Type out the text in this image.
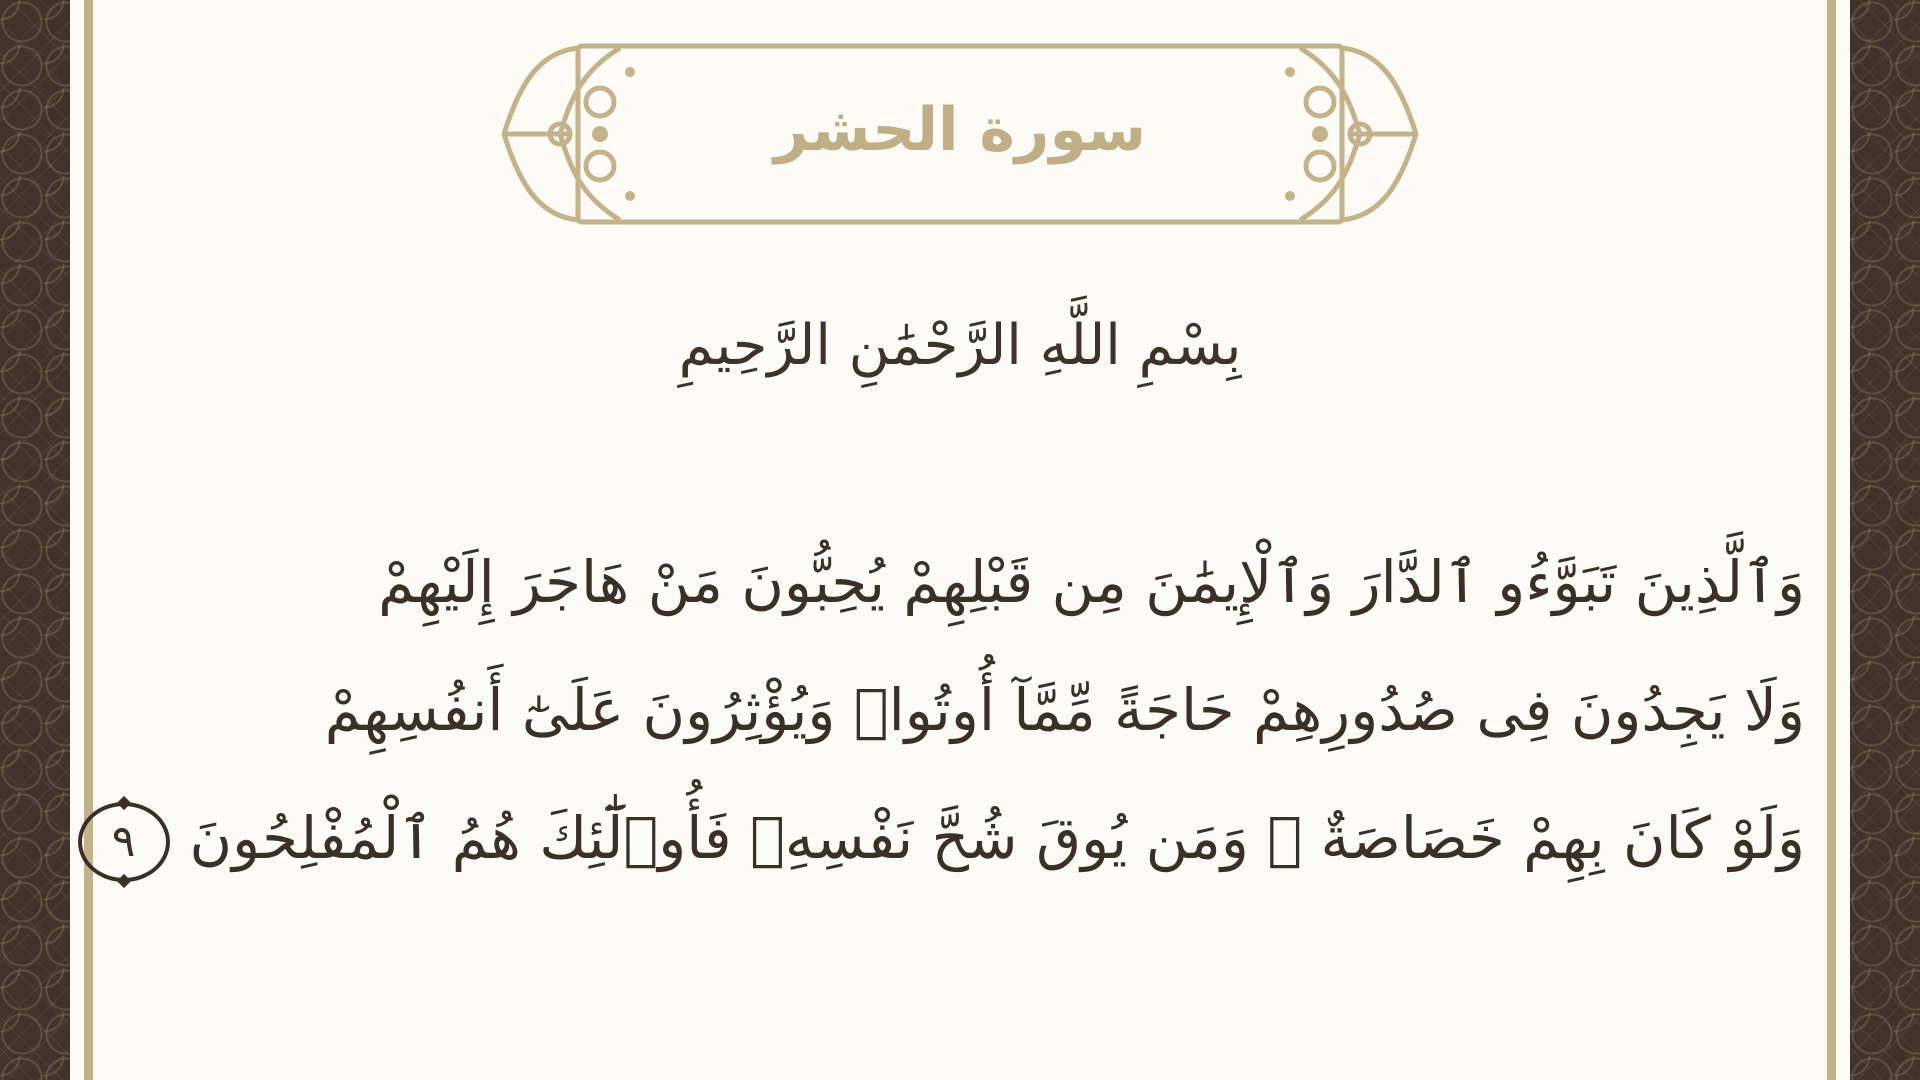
سورة الحشر
بِسْمِ اللَّهِ الرَّحْمَٰنِ الرَّحِيمِ
وَٱلَّذِينَ تَبَوَّءُو ٱلدَّارَ وَٱلْإِيمَٰنَ مِن قَبْلِهِمْ يُحِبُّونَ مَنْ هَاجَرَ إِلَيْهِمْ
وَلَا يَجِدُونَ فِى صُدُورِهِمْ حَاجَةً مِّمَّآ أُوتُوا۟ وَيُؤْثِرُونَ عَلَىٰٓ أَنفُسِهِمْ
وَلَوْ كَانَ بِهِمْ خَصَاصَةٌ ۚ وَمَن يُوقَ شُحَّ نَفْسِهِۦ فَأُو۟لَٰٓئِكَ هُمُ ٱلْمُفْلِحُونَ٩
